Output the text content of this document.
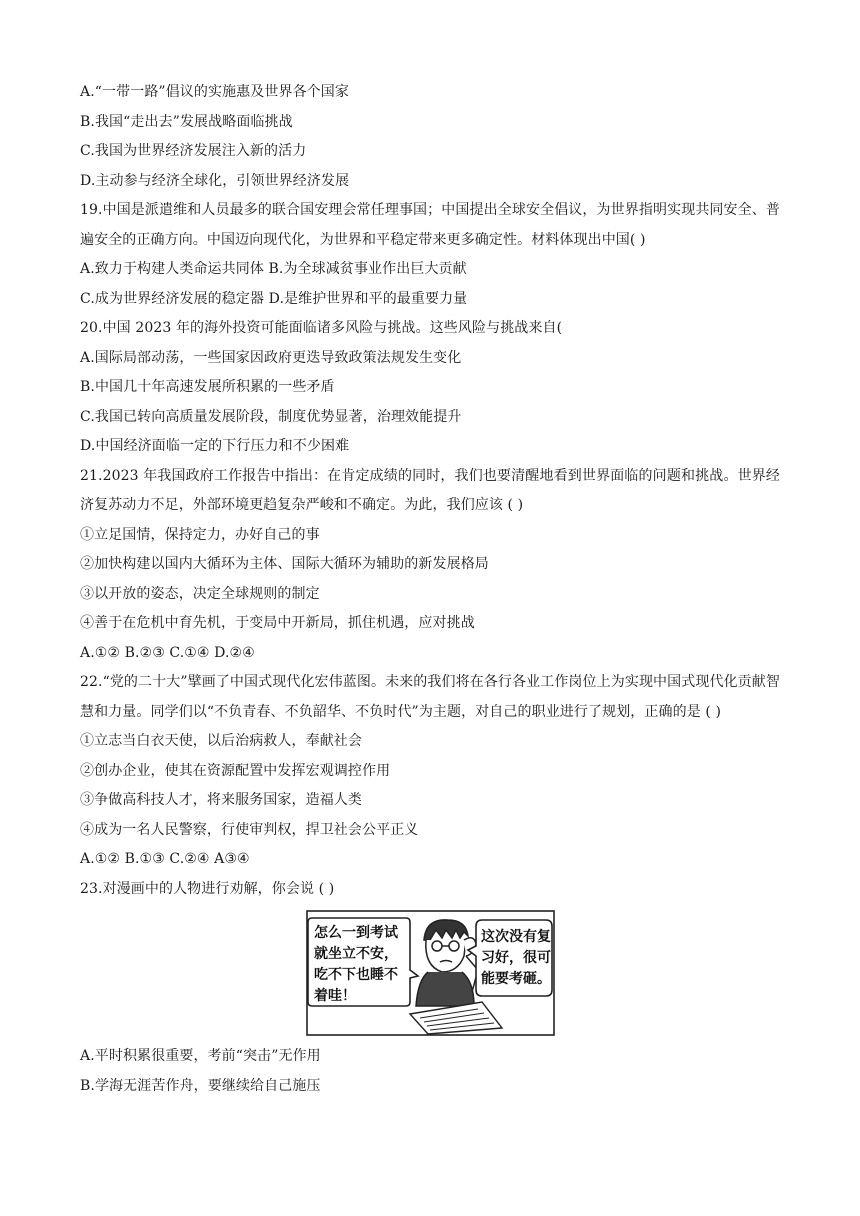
A.“一带一路”倡议的实施惠及世界各个国家
B.我国“走出去”发展战略面临挑战
C.我国为世界经济发展注入新的活力
D.主动参与经济全球化，引领世界经济发展
19.中国是派遣维和人员最多的联合国安理会常任理事国；中国提出全球安全倡议，为世界指明实现共同安全、普遍安全的正确方向。中国迈向现代化，为世界和平稳定带来更多确定性。材料体现出中国( )
A.致力于构建人类命运共同体 B.为全球减贫事业作出巨大贡献
C.成为世界经济发展的稳定器 D.是维护世界和平的最重要力量
20.中国 2023 年的海外投资可能面临诸多风险与挑战。这些风险与挑战来自(
A.国际局部动荡，一些国家因政府更迭导致政策法规发生变化
B.中国几十年高速发展所积累的一些矛盾
C.我国已转向高质量发展阶段，制度优势显著，治理效能提升
D.中国经济面临一定的下行压力和不少困难
21.2023 年我国政府工作报告中指出：在肯定成绩的同时，我们也要清醒地看到世界面临的问题和挑战。世界经济复苏动力不足，外部环境更趋复杂严峻和不确定。为此，我们应该 ( )
①立足国情，保持定力，办好自己的事
②加快构建以国内大循环为主体、国际大循环为辅助的新发展格局
③以开放的姿态，决定全球规则的制定
④善于在危机中育先机，于变局中开新局，抓住机遇，应对挑战
A.①② B.②③ C.①④ D.②④
22.“党的二十大”擘画了中国式现代化宏伟蓝图。未来的我们将在各行各业工作岗位上为实现中国式现代化贡献智慧和力量。同学们以“不负青春、不负韶华、不负时代”为主题，对自己的职业进行了规划，正确的是 ( )
①立志当白衣天使，以后治病救人，奉献社会
②创办企业，使其在资源配置中发挥宏观调控作用
③争做高科技人才，将来服务国家，造福人类
④成为一名人民警察，行使审判权，捍卫社会公平正义
A.①② B.①③ C.②④ A③④
23.对漫画中的人物进行劝解，你会说 ( )
怎么一到考试
就坐立不安，
吃不下也睡不
着哇！
这次没有复
习好，很可
能要考砸。
A.平时积累很重要，考前“突击”无作用
B.学海无涯苦作舟，要继续给自己施压
